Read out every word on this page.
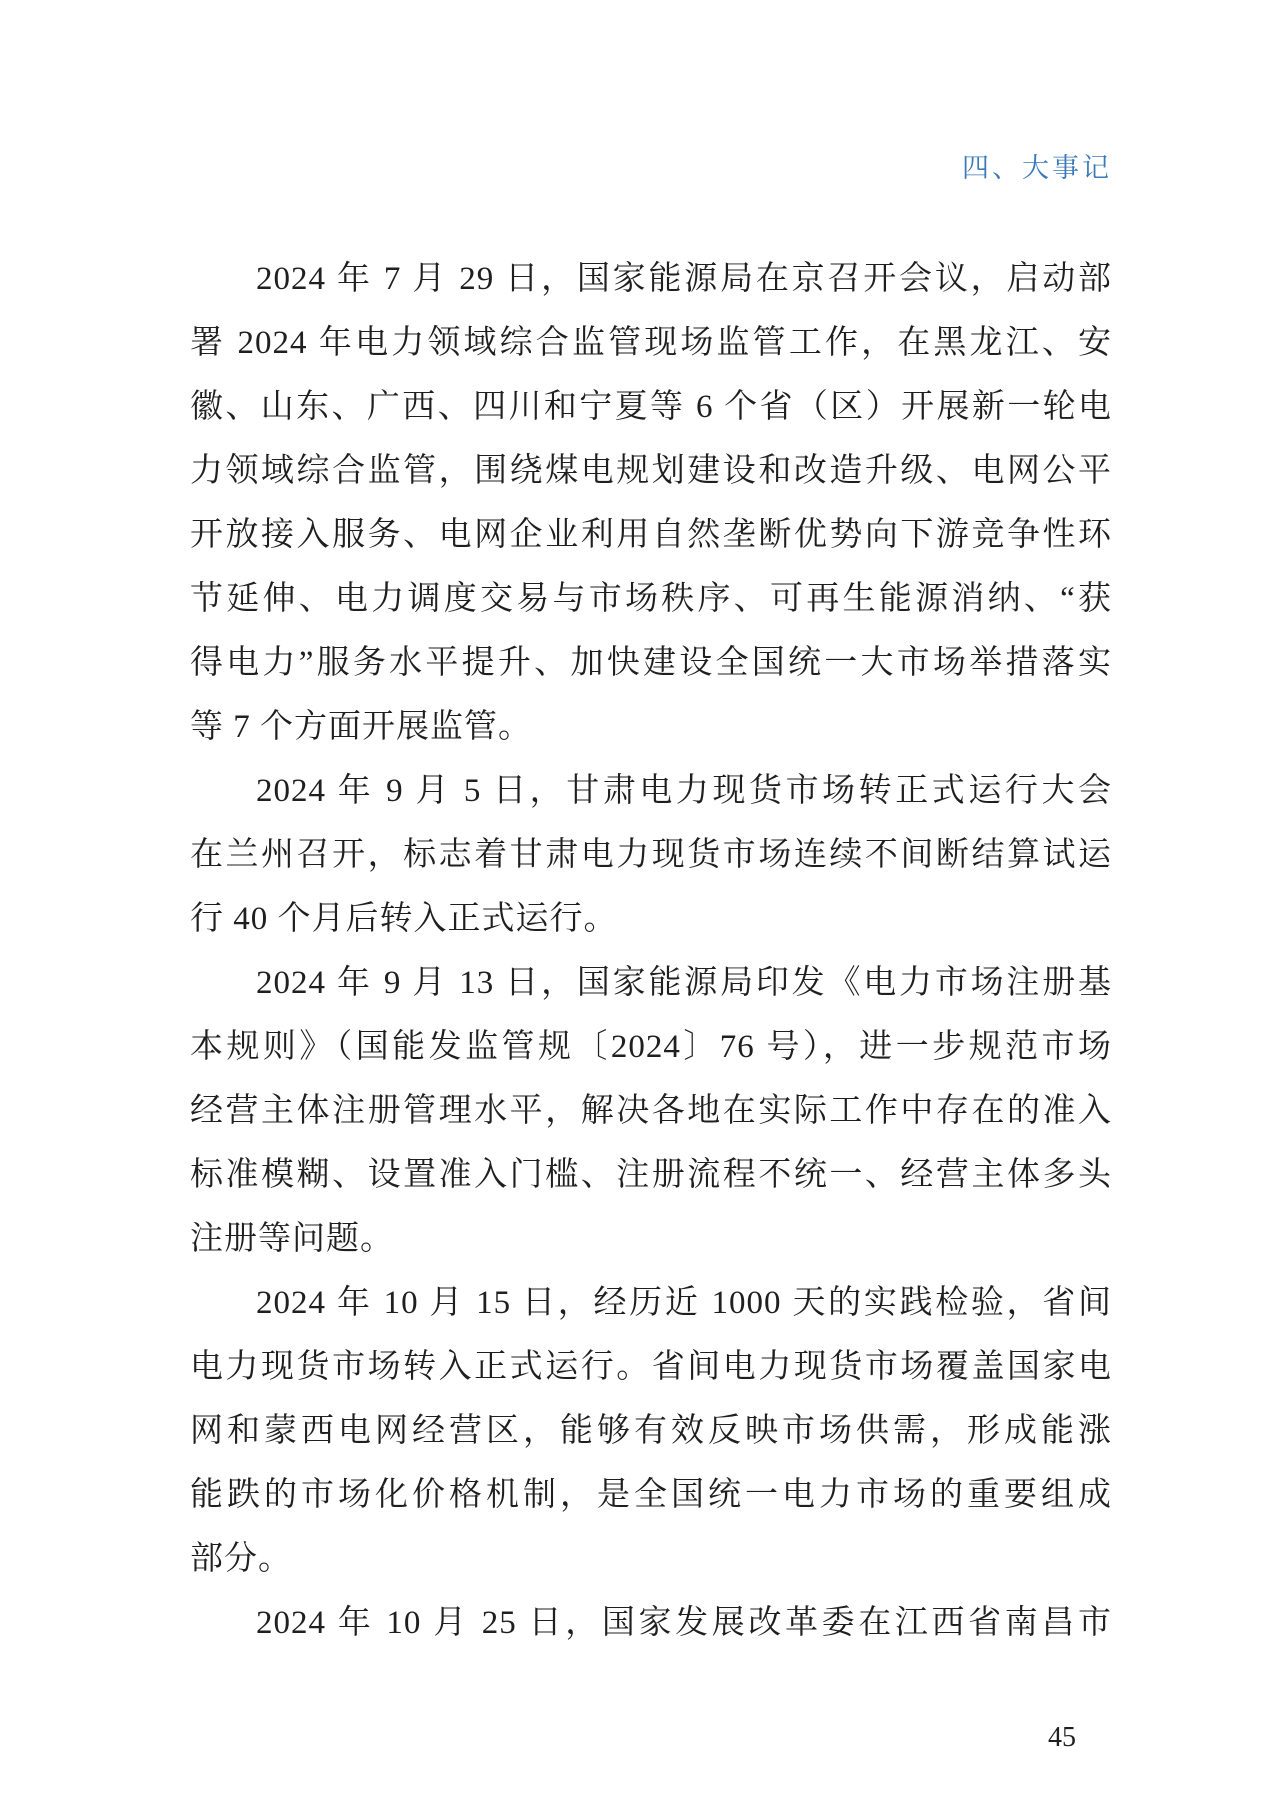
四、大事记
2024 年 7 月 29 日，国家能源局在京召开会议，启动部
署 2024 年电力领域综合监管现场监管工作，在黑龙江、安
徽、山东、广西、四川和宁夏等 6 个省（区）开展新一轮电
力领域综合监管，围绕煤电规划建设和改造升级、电网公平
开放接入服务、电网企业利用自然垄断优势向下游竞争性环
节延伸、电力调度交易与市场秩序、可再生能源消纳、“获
得电力”服务水平提升、加快建设全国统一大市场举措落实
等 7 个方面开展监管。
2024 年 9 月 5 日，甘肃电力现货市场转正式运行大会
在兰州召开，标志着甘肃电力现货市场连续不间断结算试运
行 40 个月后转入正式运行。
2024 年 9 月 13 日，国家能源局印发《电力市场注册基
本规则》（国能发监管规〔2024〕76 号），进一步规范市场
经营主体注册管理水平，解决各地在实际工作中存在的准入
标准模糊、设置准入门槛、注册流程不统一、经营主体多头
注册等问题。
2024 年 10 月 15 日，经历近 1000 天的实践检验，省间
电力现货市场转入正式运行。省间电力现货市场覆盖国家电
网和蒙西电网经营区，能够有效反映市场供需，形成能涨
能跌的市场化价格机制，是全国统一电力市场的重要组成
部分。
2024 年 10 月 25 日，国家发展改革委在江西省南昌市
45
